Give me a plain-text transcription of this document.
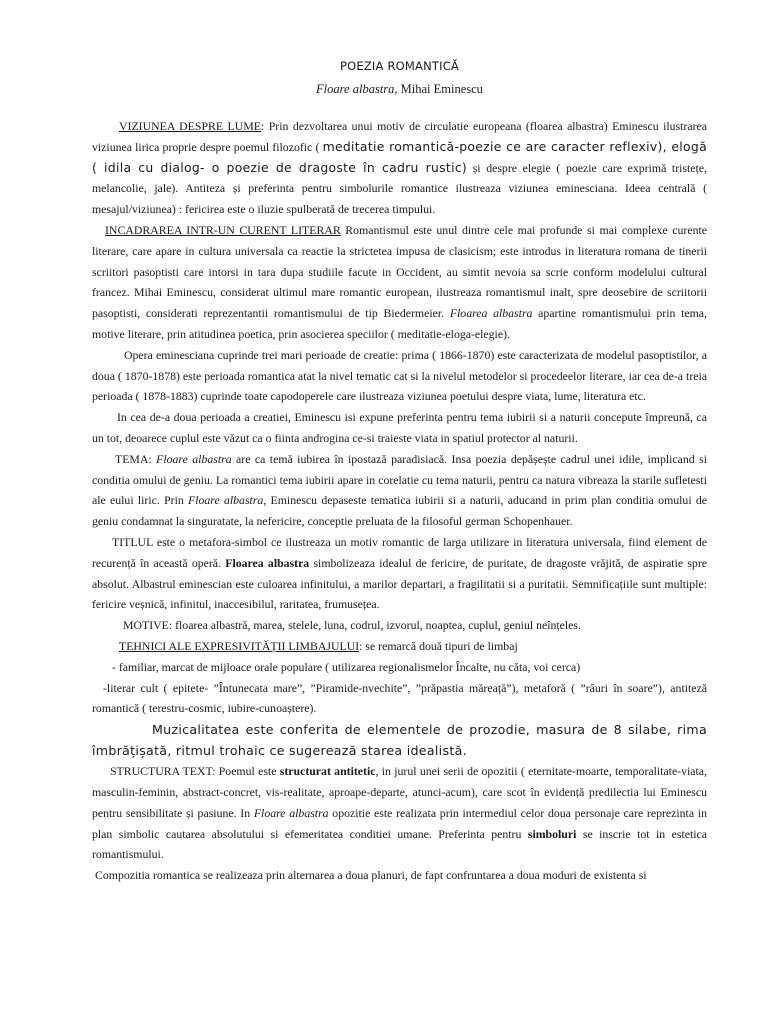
POEZIA ROMANTICĂ
Floare albastra, Mihai Eminescu

VIZIUNEA DESPRE LUME: Prin dezvoltarea unui motiv de circulatie europeana (floarea albastra) Eminescu ilustrarea viziunea lirica proprie despre poemul filozofic ( meditatie romantică-poezie ce are caracter reflexiv), elogă ( idila cu dialog- o poezie de dragoste în cadru rustic) și despre elegie ( poezie care exprimă tristețe, melancolie, jale). Antiteza și preferinta pentru simbolurile romantice ilustreaza viziunea eminesciana. Ideea centrală ( mesajul/viziunea) : fericirea este o iluzie spulberată de trecerea timpului.

INCADRAREA INTR-UN CURENT LITERAR Romantismul este unul dintre cele mai profunde si mai complexe curente literare, care apare in cultura universala ca reactie la strictetea impusa de clasicism; este introdus in literatura romana de tinerii scriitori pasoptisti care intorsi in tara dupa studiile facute in Occident, au simtit nevoia sa scrie conform modelului cultural francez. Mihai Eminescu, considerat ultimul mare romantic european, ilustreaza romantismul inalt, spre deosebire de scriitorii pasoptisti, considerati reprezentantii romantismului de tip Biedermeier. Floarea albastra apartine romantismului prin tema, motive literare, prin atitudinea poetica, prin asocierea speciilor ( meditatie-eloga-elegie).

Opera eminesciana cuprinde trei mari perioade de creatie: prima ( 1866-1870) este caracterizata de modelul pasoptistilor, a doua ( 1870-1878) este perioada romantica atat la nivel tematic cat si la nivelul metodelor si procedeelor literare, iar cea de-a treia perioada ( 1878-1883) cuprinde toate capodoperele care ilustreaza viziunea poetului despre viata, lume, literatura etc.

In cea de-a doua perioada a creatiei, Eminescu isi expune preferinta pentru tema iubirii si a naturii concepute împreună, ca un tot, deoarece cuplul este văzut ca o fiinta androgina ce-si traieste viata in spatiul protector al naturii.

TEMA: Floare albastra are ca temă iubirea în ipostază paradisiacă. Insa poezia depășește cadrul unei idile, implicand si conditia omului de geniu. La romantici tema iubirii apare in corelatie cu tema naturii, pentru ca natura vibreaza la starile sufletesti ale eului liric. Prin Floare albastra, Eminescu depaseste tematica iubirii si a naturii, aducand in prim plan conditia omului de geniu condamnat la singuratate, la nefericire, conceptie preluata de la filosoful german Schopenhauer.

TITLUL este o metafora-simbol ce ilustreaza un motiv romantic de larga utilizare in literatura universala, fiind element de recurență în această operă. Floarea albastra simbolizeaza idealul de fericire, de puritate, de dragoste vrăjită, de aspiratie spre absolut. Albastrul eminescian este culoarea infinitului, a marilor departari, a fragilitatii si a puritatii. Semnificațiile sunt multiple: fericire veșnică, infinitul, inaccesibilul, raritatea, frumusețea.

MOTIVE: floarea albastră, marea, stelele, luna, codrul, izvorul, noaptea, cuplul, geniul neînțeles.

TEHNICI ALE EXPRESIVITĂȚII LIMBAJULUI: se remarcă două tipuri de limbaj

- familiar, marcat de mijloace orale populare ( utilizarea regionalismelor Încalte, nu căta, voi cerca)

-literar cult ( epitete- ”Întunecata mare”, ”Piramide-nvechite”, ”prăpastia măreață”), metaforă ( ”râuri în soare”), antiteză romantică ( terestru-cosmic, iubire-cunoaștere).

Muzicalitatea este conferita de elementele de prozodie, masura de 8 silabe, rima îmbrățișată, ritmul trohaic ce sugerează starea idealistă.

STRUCTURA TEXT: Poemul este structurat antitetic, in jurul unei serii de opozitii ( eternitate-moarte, temporalitate-viata, masculin-feminin, abstract-concret, vis-realitate, aproape-departe, atunci-acum), care scot în evidență predilectia lui Eminescu pentru sensibilitate și pasiune. In Floare albastra opozitie este realizata prin intermediul celor doua personaje care reprezinta in plan simbolic cautarea absolutului si efemeritatea conditiei umane. Preferinta pentru simboluri se inscrie tot in estetica romantismului.

Compozitia romantica se realizeaza prin alternarea a doua planuri, de fapt confruntarea a doua moduri de existenta si
